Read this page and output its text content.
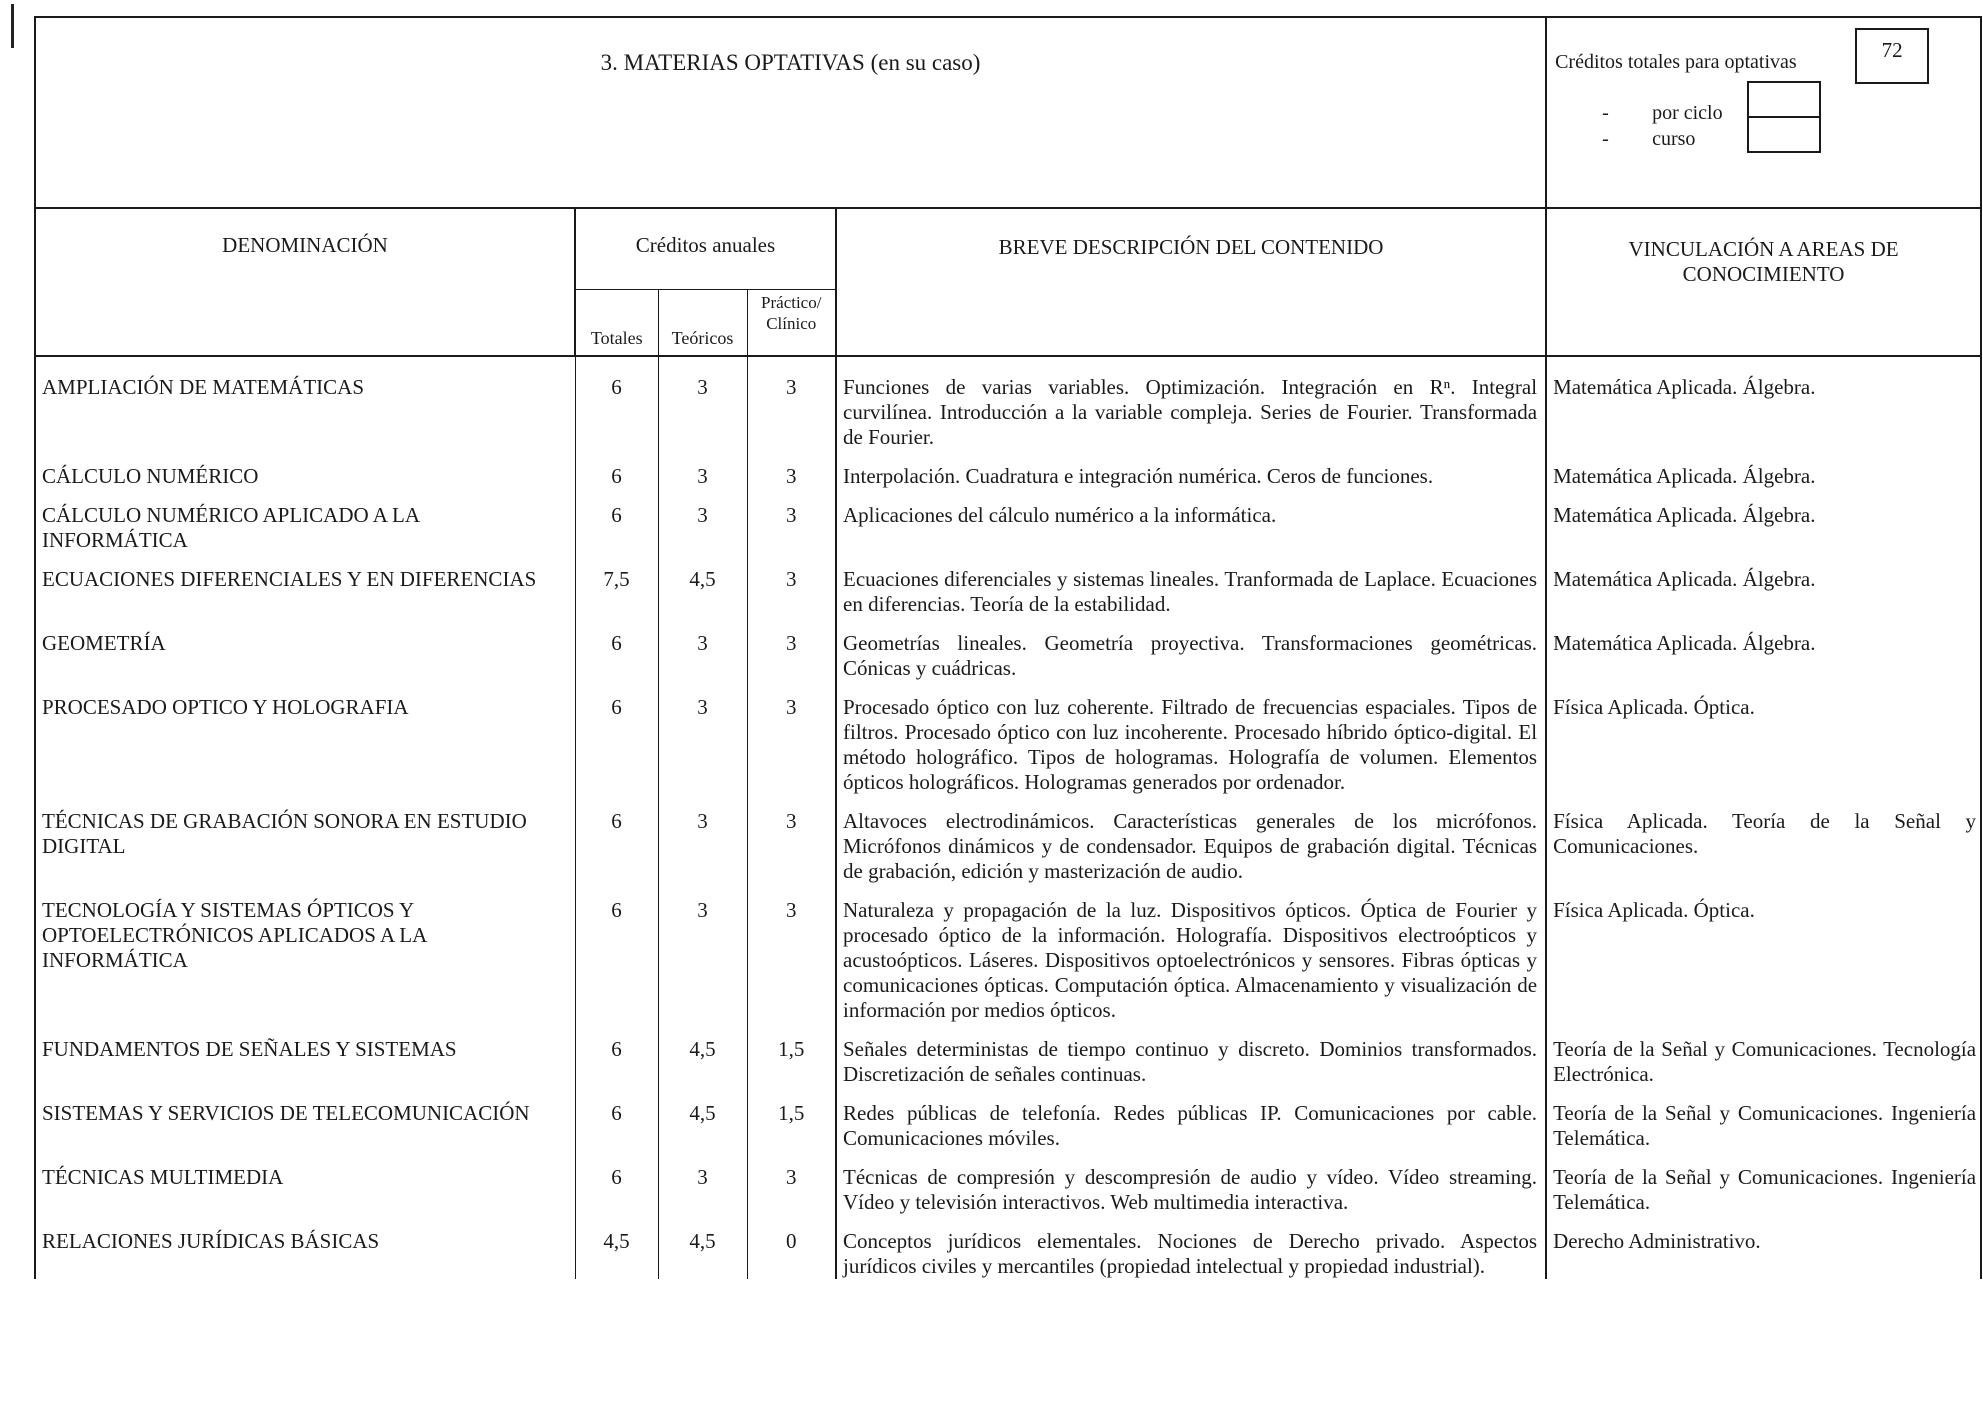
3. MATERIAS OPTATIVAS (en su caso)					Créditos totales para optativas 72
- por ciclo
- curso

DENOMINACIÓN	Créditos anuales			BREVE DESCRIPCIÓN DEL CONTENIDO	VINCULACIÓN A AREAS DE CONOCIMIENTO
	Totales	Teóricos	Práctico/ Clínico		
AMPLIACIÓN DE MATEMÁTICAS	6	3	3	Funciones de varias variables. Optimización. Integración en Rⁿ. Integral curvilínea. Introducción a la variable compleja. Series de Fourier. Transformada de Fourier.	Matemática Aplicada. Álgebra.
CÁLCULO NUMÉRICO	6	3	3	Interpolación. Cuadratura e integración numérica. Ceros de funciones.	Matemática Aplicada. Álgebra.
CÁLCULO NUMÉRICO APLICADO A LA INFORMÁTICA	6	3	3	Aplicaciones del cálculo numérico a la informática.	Matemática Aplicada. Álgebra.
ECUACIONES DIFERENCIALES Y EN DIFERENCIAS	7,5	4,5	3	Ecuaciones diferenciales y sistemas lineales. Tranformada de Laplace. Ecuaciones en diferencias. Teoría de la estabilidad.	Matemática Aplicada. Álgebra.
GEOMETRÍA	6	3	3	Geometrías lineales. Geometría proyectiva. Transformaciones geométricas. Cónicas y cuádricas.	Matemática Aplicada. Álgebra.
PROCESADO OPTICO Y HOLOGRAFIA	6	3	3	Procesado óptico con luz coherente. Filtrado de frecuencias espaciales. Tipos de filtros. Procesado óptico con luz incoherente. Procesado híbrido óptico-digital. El método holográfico. Tipos de hologramas. Holografía de volumen. Elementos ópticos holográficos. Hologramas generados por ordenador.	Física Aplicada. Óptica.
TÉCNICAS DE GRABACIÓN SONORA EN ESTUDIO DIGITAL	6	3	3	Altavoces electrodinámicos. Características generales de los micrófonos. Micrófonos dinámicos y de condensador. Equipos de grabación digital. Técnicas de grabación, edición y masterización de audio.	Física Aplicada. Teoría de la Señal y Comunicaciones.
TECNOLOGÍA Y SISTEMAS ÓPTICOS Y OPTOELECTRÓNICOS APLICADOS A LA INFORMÁTICA	6	3	3	Naturaleza y propagación de la luz. Dispositivos ópticos. Óptica de Fourier y procesado óptico de la información. Holografía. Dispositivos electroópticos y acustoópticos. Láseres. Dispositivos optoelectrónicos y sensores. Fibras ópticas y comunicaciones ópticas. Computación óptica. Almacenamiento y visualización de información por medios ópticos.	Física Aplicada. Óptica.
FUNDAMENTOS DE SEÑALES Y SISTEMAS	6	4,5	1,5	Señales deterministas de tiempo continuo y discreto. Dominios transformados. Discretización de señales continuas.	Teoría de la Señal y Comunicaciones. Tecnología Electrónica.
SISTEMAS Y SERVICIOS DE TELECOMUNICACIÓN	6	4,5	1,5	Redes públicas de telefonía. Redes públicas IP. Comunicaciones por cable. Comunicaciones móviles.	Teoría de la Señal y Comunicaciones. Ingeniería Telemática.
TÉCNICAS MULTIMEDIA	6	3	3	Técnicas de compresión y descompresión de audio y vídeo. Vídeo streaming. Vídeo y televisión interactivos. Web multimedia interactiva.	Teoría de la Señal y Comunicaciones. Ingeniería Telemática.
RELACIONES JURÍDICAS BÁSICAS	4,5	4,5	0	Conceptos jurídicos elementales. Nociones de Derecho privado. Aspectos jurídicos civiles y mercantiles (propiedad intelectual y propiedad industrial).	Derecho Administrativo.
